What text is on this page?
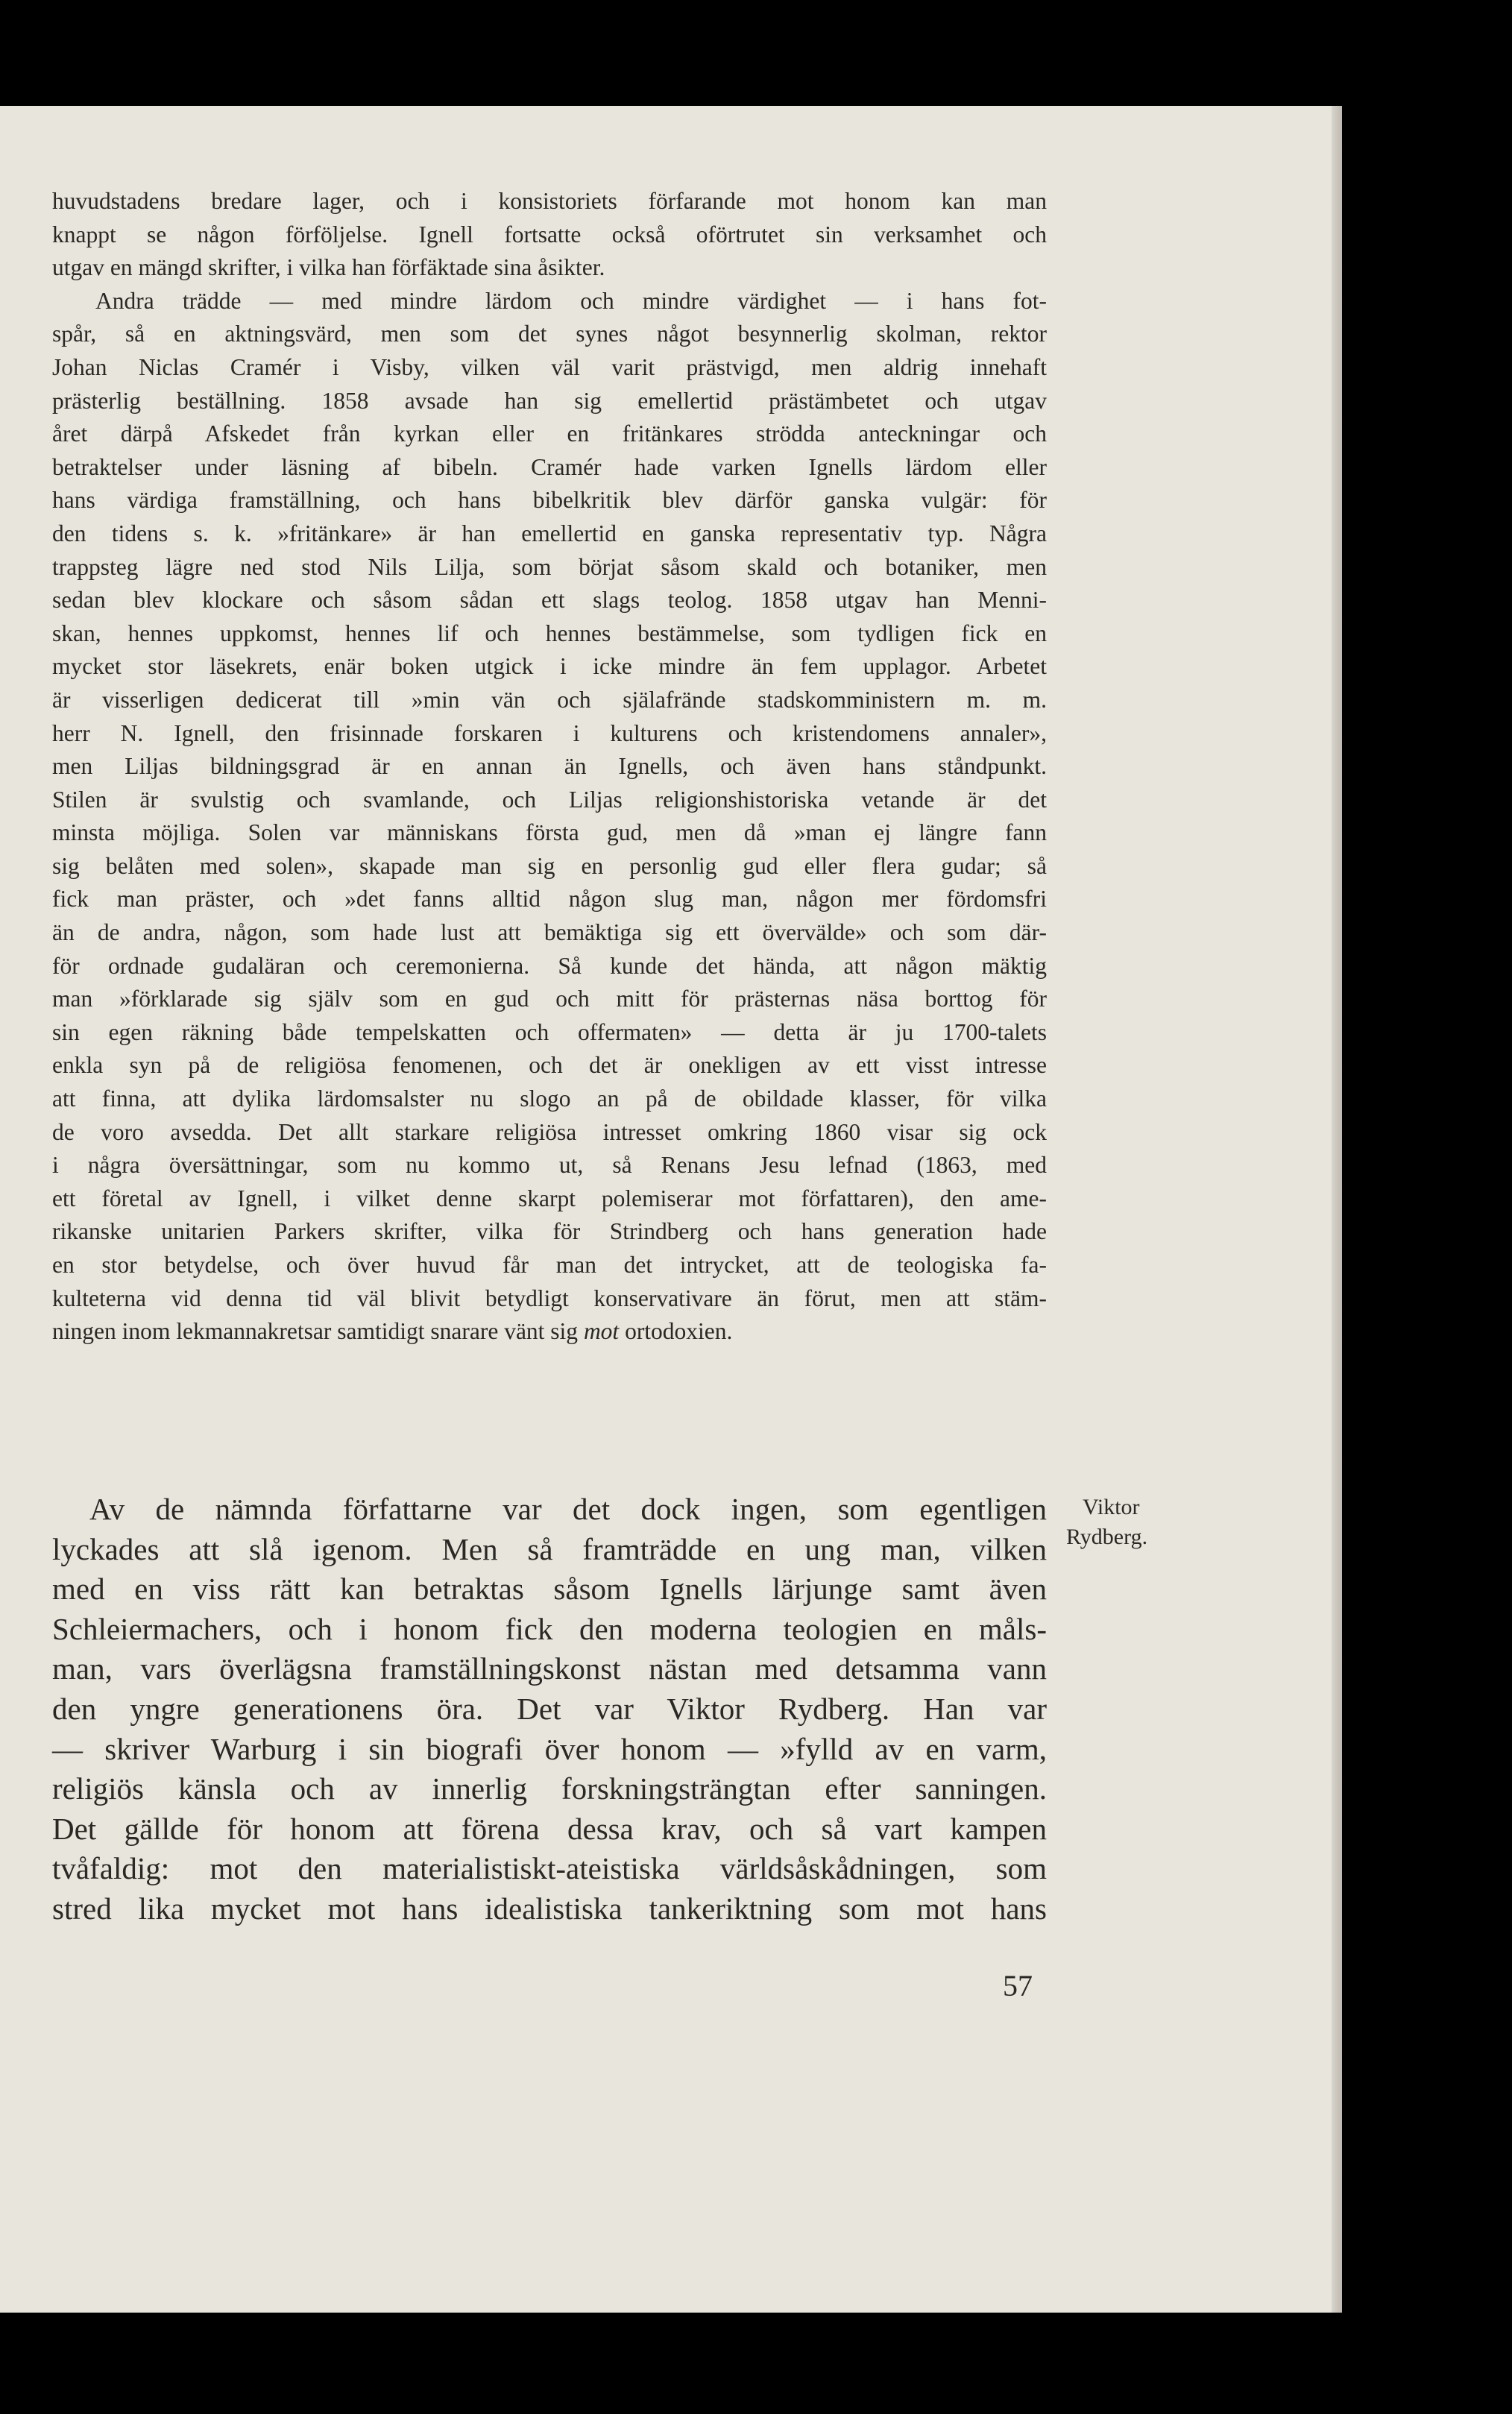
huvudstadens bredare lager, och i konsistoriets förfarande mot honom kan man
knappt se någon förföljelse. Ignell fortsatte också oförtrutet sin verksamhet och
utgav en mängd skrifter, i vilka han förfäktade sina åsikter.
Andra trädde — med mindre lärdom och mindre värdighet — i hans fot-
spår, så en aktningsvärd, men som det synes något besynnerlig skolman, rektor
Johan Niclas Cramér i Visby, vilken väl varit prästvigd, men aldrig innehaft
prästerlig beställning. 1858 avsade han sig emellertid prästämbetet och utgav
året därpå Afskedet från kyrkan eller en fritänkares strödda anteckningar och
betraktelser under läsning af bibeln. Cramér hade varken Ignells lärdom eller
hans värdiga framställning, och hans bibelkritik blev därför ganska vulgär: för
den tidens s. k. »fritänkare» är han emellertid en ganska representativ typ. Några
trappsteg lägre ned stod Nils Lilja, som börjat såsom skald och botaniker, men
sedan blev klockare och såsom sådan ett slags teolog. 1858 utgav han Menni-
skan, hennes uppkomst, hennes lif och hennes bestämmelse, som tydligen fick en
mycket stor läsekrets, enär boken utgick i icke mindre än fem upplagor. Arbetet
är visserligen dedicerat till »min vän och själafrände stadskomministern m. m.
herr N. Ignell, den frisinnade forskaren i kulturens och kristendomens annaler»,
men Liljas bildningsgrad är en annan än Ignells, och även hans ståndpunkt.
Stilen är svulstig och svamlande, och Liljas religionshistoriska vetande är det
minsta möjliga. Solen var människans första gud, men då »man ej längre fann
sig belåten med solen», skapade man sig en personlig gud eller flera gudar; så
fick man präster, och »det fanns alltid någon slug man, någon mer fördomsfri
än de andra, någon, som hade lust att bemäktiga sig ett övervälde» och som där-
för ordnade gudaläran och ceremonierna. Så kunde det hända, att någon mäktig
man »förklarade sig själv som en gud och mitt för prästernas näsa borttog för
sin egen räkning både tempelskatten och offermaten» — detta är ju 1700-talets
enkla syn på de religiösa fenomenen, och det är onekligen av ett visst intresse
att finna, att dylika lärdomsalster nu slogo an på de obildade klasser, för vilka
de voro avsedda. Det allt starkare religiösa intresset omkring 1860 visar sig ock
i några översättningar, som nu kommo ut, så Renans Jesu lefnad (1863, med
ett företal av Ignell, i vilket denne skarpt polemiserar mot författaren), den ame-
rikanske unitarien Parkers skrifter, vilka för Strindberg och hans generation hade
en stor betydelse, och över huvud får man det intrycket, att de teologiska fa-
kulteterna vid denna tid väl blivit betydligt konservativare än förut, men att stäm-
ningen inom lekmannakretsar samtidigt snarare vänt sig mot ortodoxien.
Av de nämnda författarne var det dock ingen, som egentligen
lyckades att slå igenom. Men så framträdde en ung man, vilken
med en viss rätt kan betraktas såsom Ignells lärjunge samt även
Schleiermachers, och i honom fick den moderna teologien en måls-
man, vars överlägsna framställningskonst nästan med detsamma vann
den yngre generationens öra. Det var Viktor Rydberg. Han var
— skriver Warburg i sin biografi över honom — »fylld av en varm,
religiös känsla och av innerlig forskningsträngtan efter sanningen.
Det gällde för honom att förena dessa krav, och så vart kampen
tvåfaldig: mot den materialistiskt-ateistiska världsåskådningen, som
stred lika mycket mot hans idealistiska tankeriktning som mot hans
Viktor
Rydberg.
57
